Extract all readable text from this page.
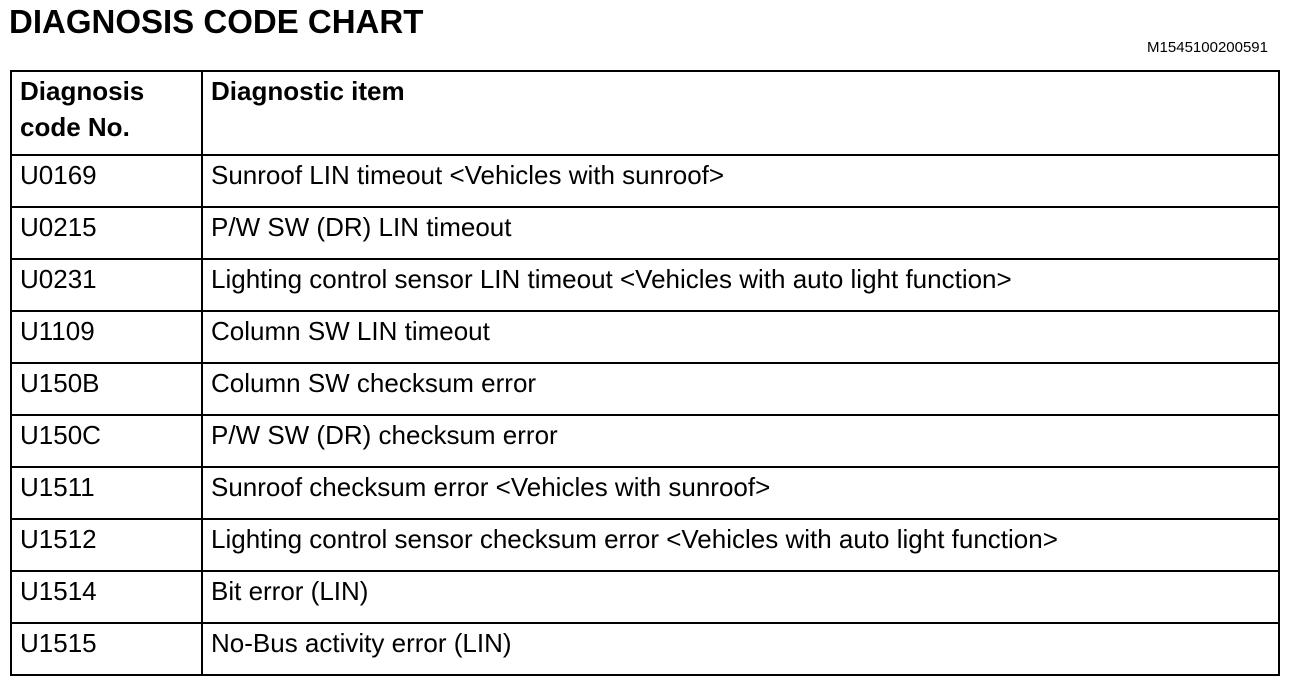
DIAGNOSIS CODE CHART
M1545100200591
Diagnosis
code No.	Diagnostic item
U0169	Sunroof LIN timeout <Vehicles with sunroof>
U0215	P/W SW (DR) LIN timeout
U0231	Lighting control sensor LIN timeout <Vehicles with auto light function>
U1109	Column SW LIN timeout
U150B	Column SW checksum error
U150C	P/W SW (DR) checksum error
U1511	Sunroof checksum error <Vehicles with sunroof>
U1512	Lighting control sensor checksum error <Vehicles with auto light function>
U1514	Bit error (LIN)
U1515	No-Bus activity error (LIN)
